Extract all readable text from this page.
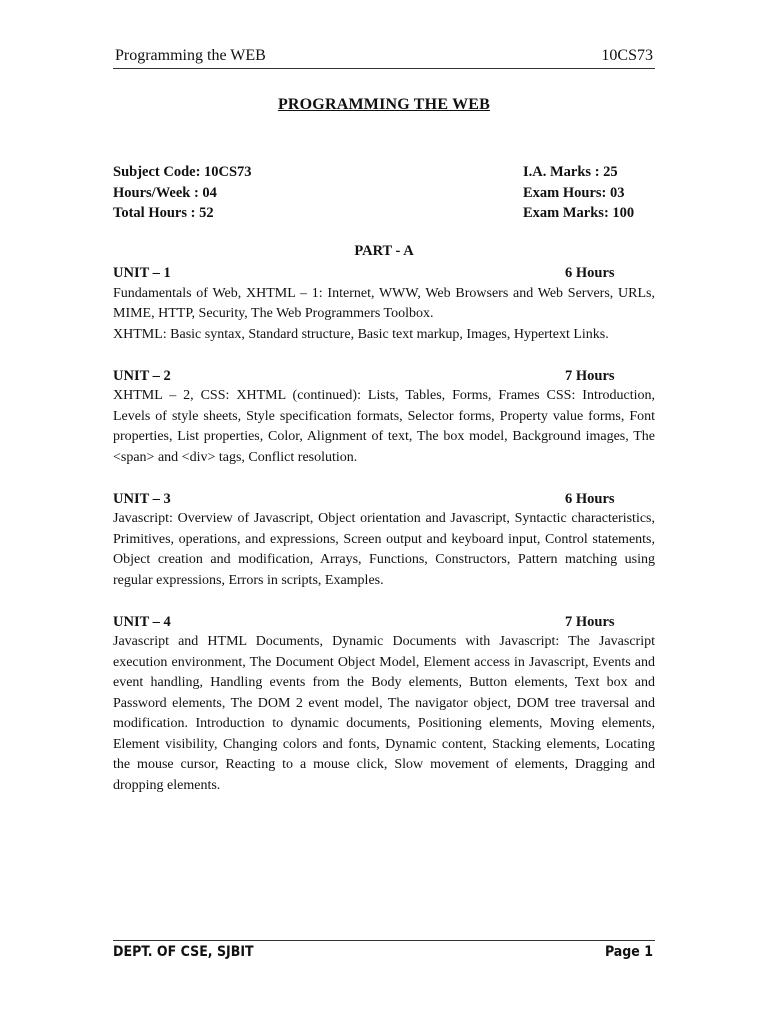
Programming the WEB	10CS73
PROGRAMMING THE WEB
Subject Code: 10CS73
Hours/Week : 04
Total Hours : 52
I.A. Marks : 25
Exam Hours: 03
Exam Marks: 100
PART - A
UNIT – 1	6 Hours

Fundamentals of Web, XHTML – 1: Internet, WWW, Web Browsers and Web Servers, URLs, MIME, HTTP, Security, The Web Programmers Toolbox.

XHTML: Basic syntax, Standard structure, Basic text markup, Images, Hypertext Links.

UNIT – 2	7 Hours

XHTML – 2, CSS: XHTML (continued): Lists, Tables, Forms, Frames CSS: Introduction, Levels of style sheets, Style specification formats, Selector forms, Property value forms, Font properties, List properties, Color, Alignment of text, The box model, Background images, The <span> and <div> tags, Conflict resolution.

UNIT – 3	6 Hours

Javascript: Overview of Javascript, Object orientation and Javascript, Syntactic characteristics, Primitives, operations, and expressions, Screen output and keyboard input, Control statements, Object creation and modification, Arrays, Functions, Constructors, Pattern matching using regular expressions, Errors in scripts, Examples.

UNIT – 4	7 Hours

Javascript and HTML Documents, Dynamic Documents with Javascript: The Javascript execution environment, The Document Object Model, Element access in Javascript, Events and event handling, Handling events from the Body elements, Button elements, Text box and Password elements, The DOM 2 event model, The navigator object, DOM tree traversal and modification. Introduction to dynamic documents, Positioning elements, Moving elements, Element visibility, Changing colors and fonts, Dynamic content, Stacking elements, Locating the mouse cursor, Reacting to a mouse click, Slow movement of elements, Dragging and dropping elements.

DEPT. OF CSE, SJBIT	Page 1
